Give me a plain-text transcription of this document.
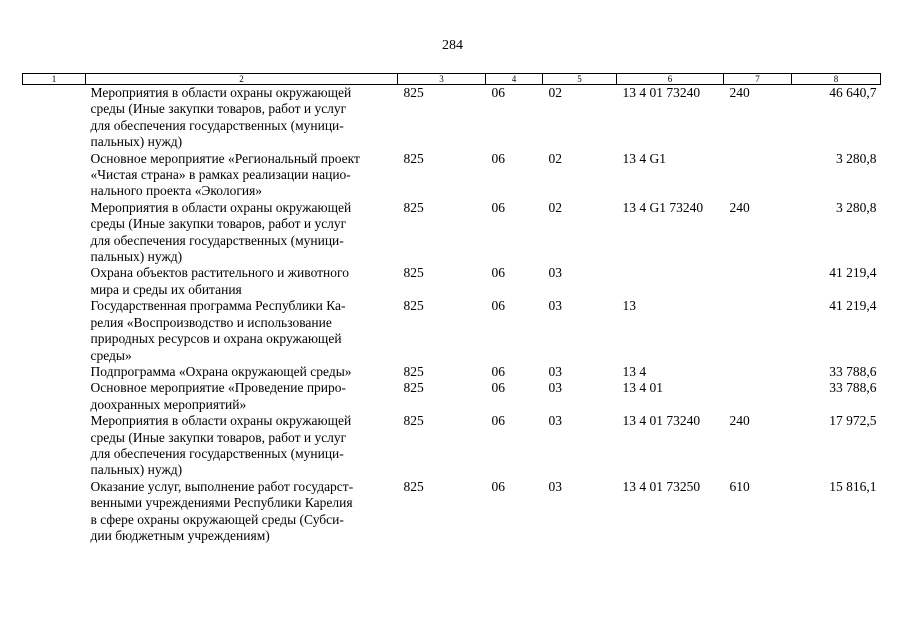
284
1	2	3	4	5	6	7	8

	Мероприятия в области охраны окружающей
среды (Иные закупки товаров, работ и услуг
для обеспечения государственных (муници-
пальных) нужд)	825	06	02	13 4 01 73240	240	46 640,7

	Основное мероприятие «Региональный проект
«Чистая страна» в рамках реализации нацио-
нального проекта «Экология»	825	06	02	13 4 G1		3 280,8

	Мероприятия в области охраны окружающей
среды (Иные закупки товаров, работ и услуг
для обеспечения государственных (муници-
пальных) нужд)	825	06	02	13 4 G1 73240	240	3 280,8

	Охрана объектов растительного и животного
мира и среды их обитания	825	06	03			41 219,4

	Государственная программа Республики Ка-
релия «Воспроизводство и использование
природных ресурсов и охрана окружающей
среды»	825	06	03	13		41 219,4

	Подпрограмма «Охрана окружающей среды»	825	06	03	13 4		33 788,6

	Основное мероприятие «Проведение приро-
доохранных мероприятий»	825	06	03	13 4 01		33 788,6

	Мероприятия в области охраны окружающей
среды (Иные закупки товаров, работ и услуг
для обеспечения государственных (муници-
пальных) нужд)	825	06	03	13 4 01 73240	240	17 972,5

	Оказание услуг, выполнение работ государст-
венными учреждениями Республики Карелия
в сфере охраны окружающей среды (Субси-
дии бюджетным учреждениям)	825	06	03	13 4 01 73250	610	15 816,1
